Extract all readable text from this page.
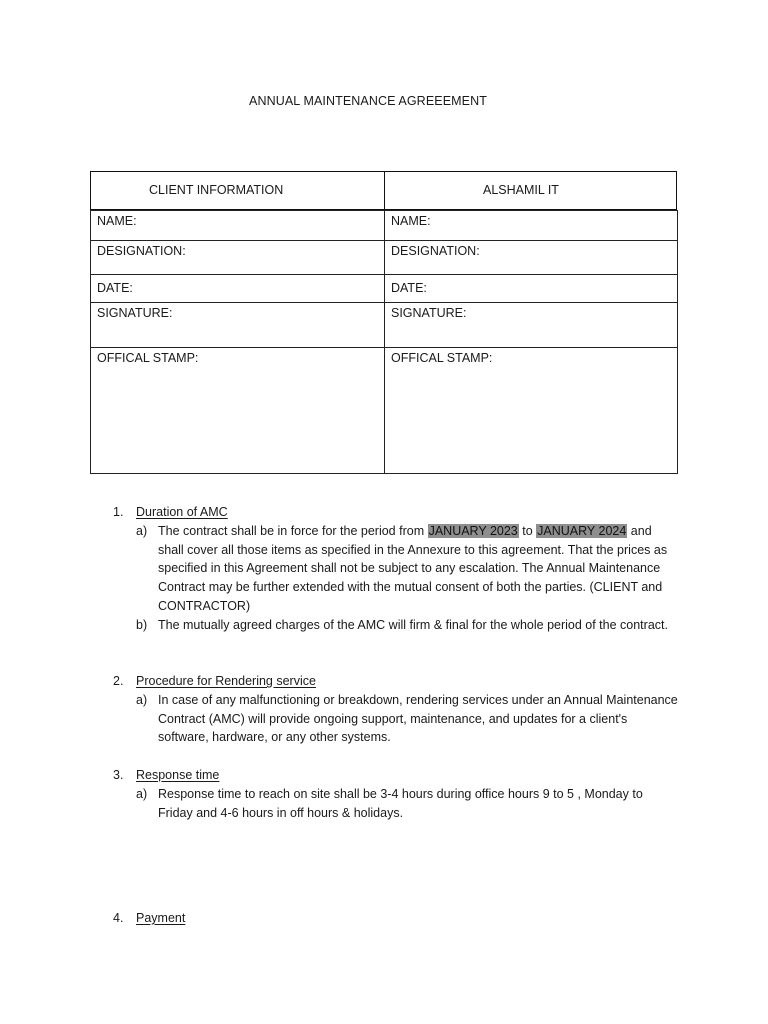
ANNUAL MAINTENANCE AGREEEMENT
CLIENT INFORMATION	ALSHAMIL IT
NAME:	NAME:
DESIGNATION:	DESIGNATION:
DATE:	DATE:
SIGNATURE:	SIGNATURE:
OFFICAL STAMP:	OFFICAL STAMP:
1. Duration of AMC
a) The contract shall be in force for the period from JANUARY 2023 to JANUARY 2024 and shall cover all those items as specified in the Annexure to this agreement. That the prices as specified in this Agreement shall not be subject to any escalation. The Annual Maintenance Contract may be further extended with the mutual consent of both the parties. (CLIENT and CONTRACTOR)
b) The mutually agreed charges of the AMC will firm & final for the whole period of the contract.
2. Procedure for Rendering service
a) In case of any malfunctioning or breakdown, rendering services under an Annual Maintenance Contract (AMC) will provide ongoing support, maintenance, and updates for a client's software, hardware, or any other systems.
3. Response time
a) Response time to reach on site shall be 3-4 hours during office hours 9 to 5 , Monday to Friday and 4-6 hours in off hours & holidays.
4. Payment
